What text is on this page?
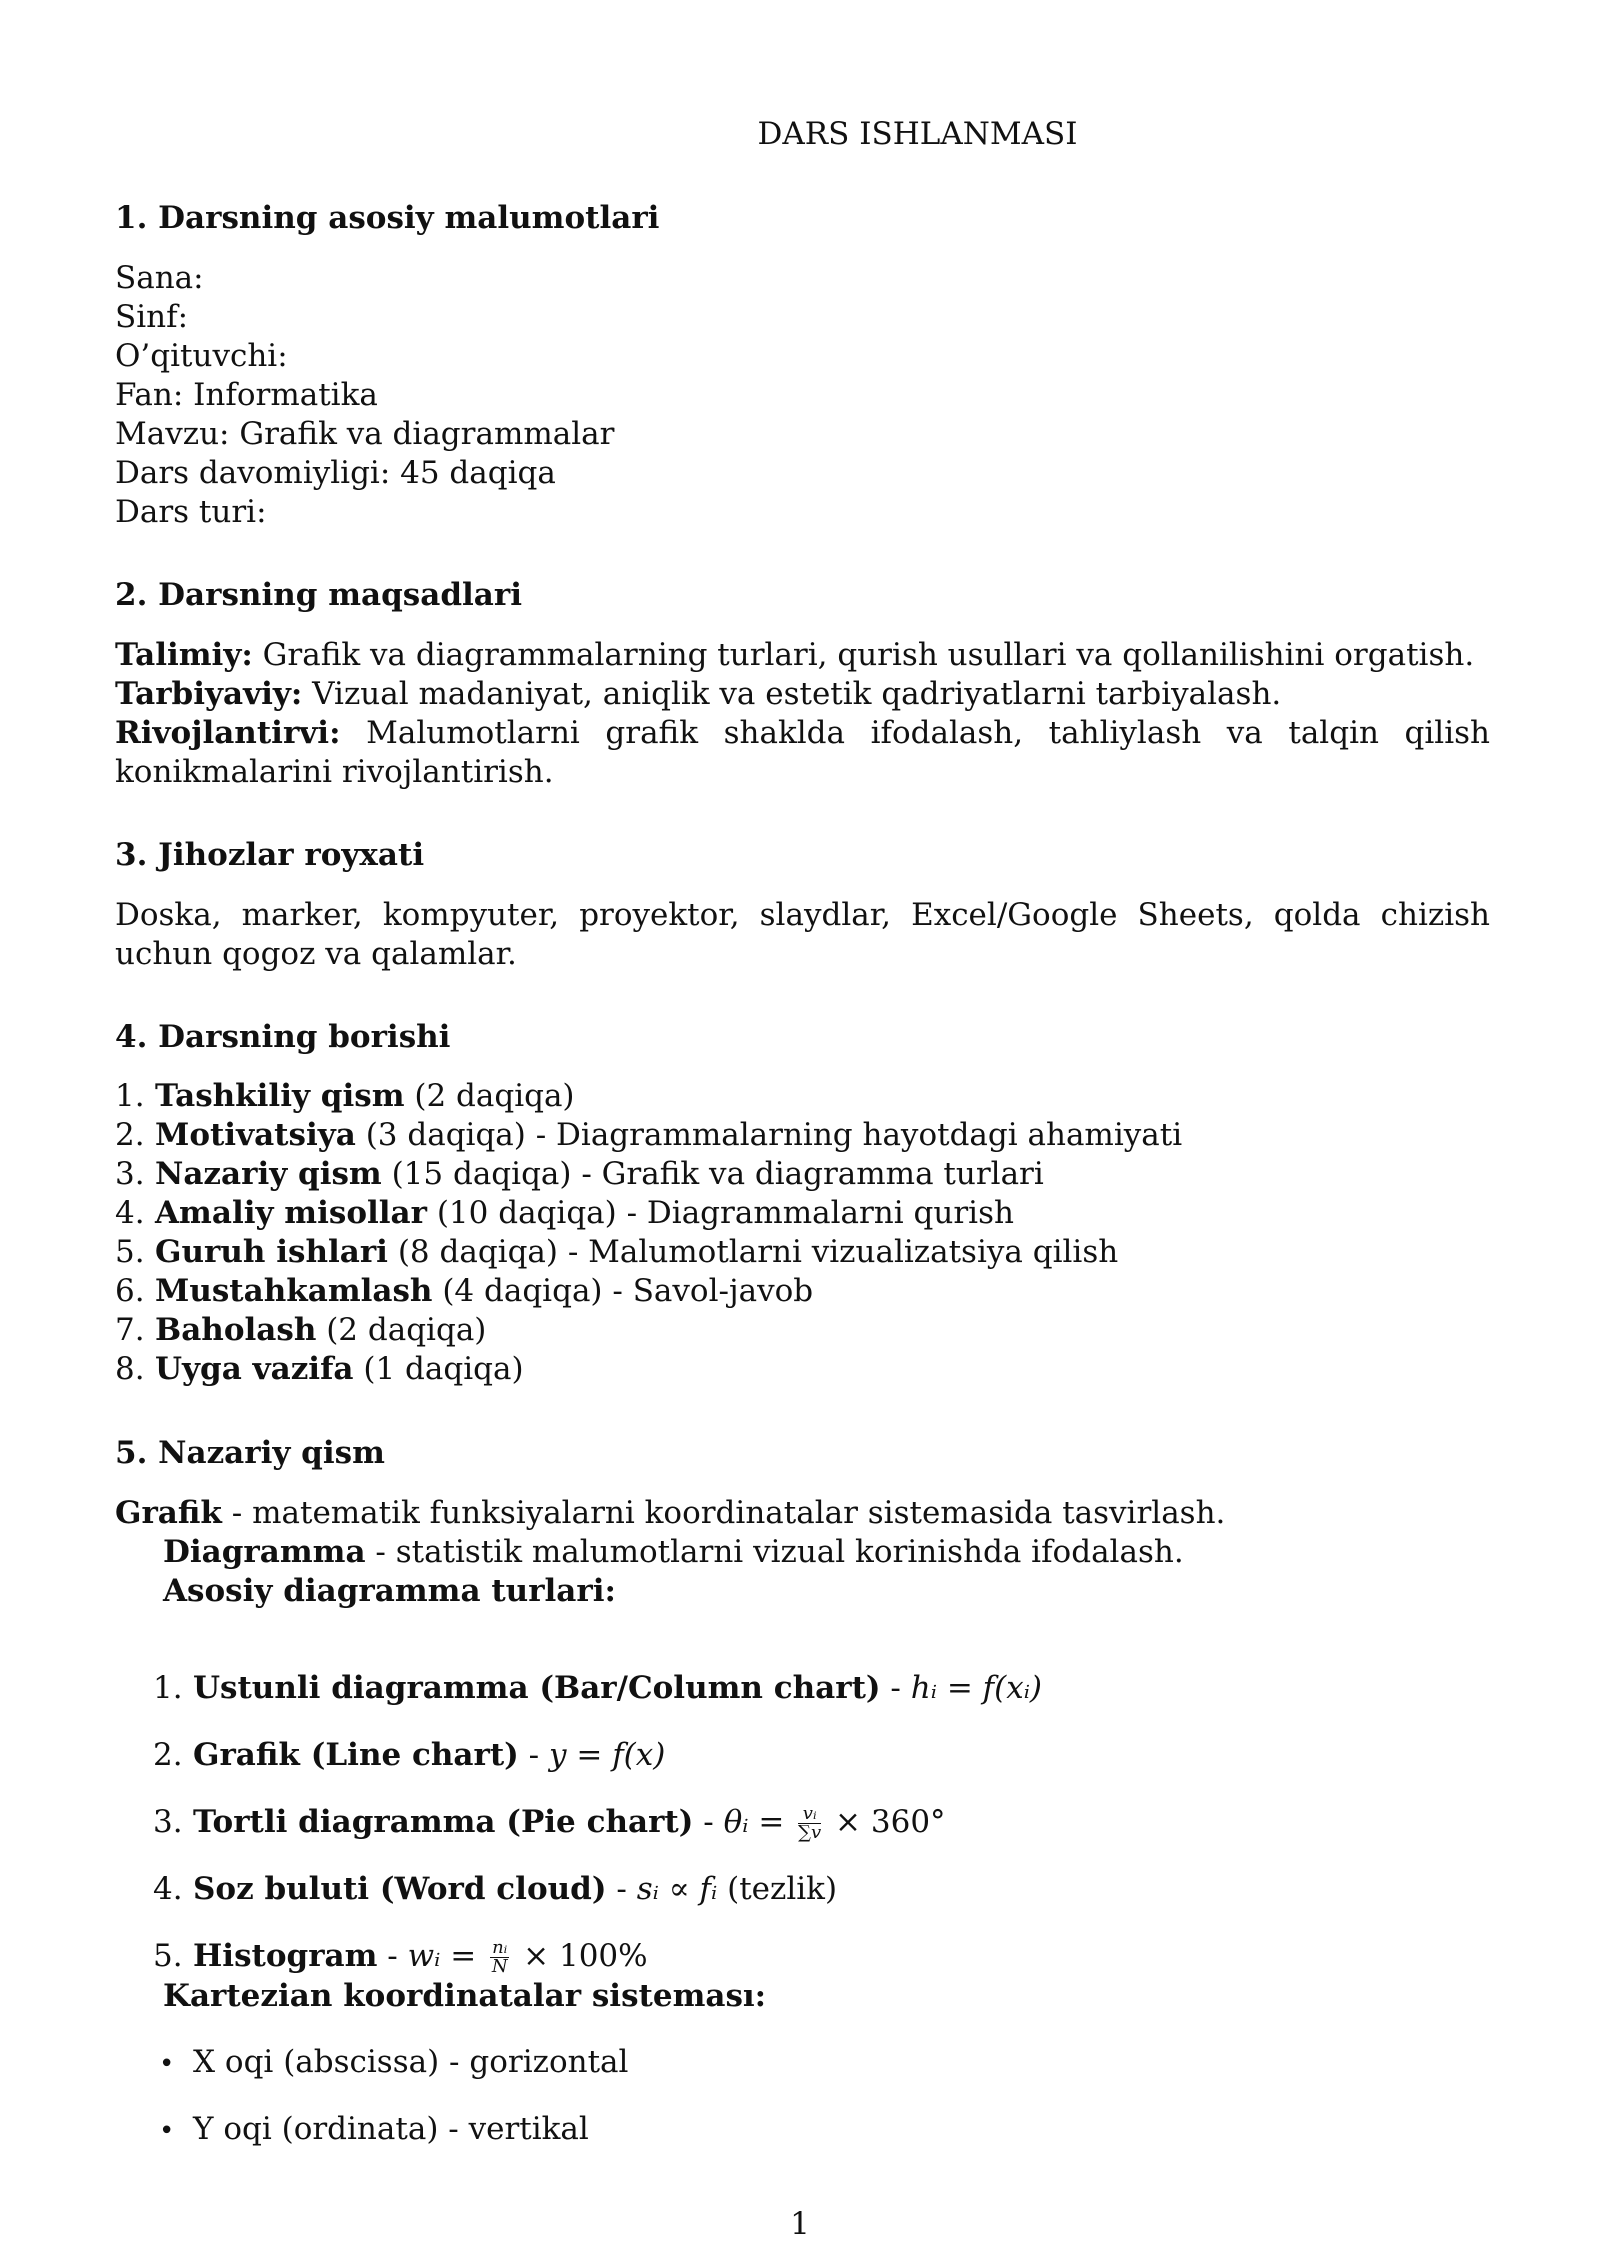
DARS ISHLANMASI
1. Darsning asosiy malumotlari
Sana:
Sinf:
O’qituvchi:
Fan: Informatika
Mavzu: Grafik va diagrammalar
Dars davomiyligi: 45 daqiqa
Dars turi:
2. Darsning maqsadlari
Talimiy: Grafik va diagrammalarning turlari, qurish usullari va qollanilishini orgatish.
Tarbiyaviy: Vizual madaniyat, aniqlik va estetik qadriyatlarni tarbiyalash.
Rivojlantirvi: Malumotlarni grafik shaklda ifodalash, tahliylash va talqin qilish konikmalarini rivojlantirish.
3. Jihozlar royxati
Doska, marker, kompyuter, proyektor, slaydlar, Excel/Google Sheets, qolda chizish uchun qogoz va qalamlar.
4. Darsning borishi
1. Tashkiliy qism (2 daqiqa)
2. Motivatsiya (3 daqiqa) - Diagrammalarning hayotdagi ahamiyati
3. Nazariy qism (15 daqiqa) - Grafik va diagramma turlari
4. Amaliy misollar (10 daqiqa) - Diagrammalarni qurish
5. Guruh ishlari (8 daqiqa) - Malumotlarni vizualizatsiya qilish
6. Mustahkamlash (4 daqiqa) - Savol-javob
7. Baholash (2 daqiqa)
8. Uyga vazifa (1 daqiqa)
5. Nazariy qism
Grafik - matematik funksiyalarni koordinatalar sistemasida tasvirlash.
Diagramma - statistik malumotlarni vizual korinishda ifodalash.
Asosiy diagramma turlari:
1. Ustunli diagramma (Bar/Column chart) - hᵢ = f(xᵢ)
2. Grafik (Line chart) - y = f(x)
3. Tortli diagramma (Pie chart) - θᵢ = $\frac{\text{vᵢ}}{\sum v} \times 360^\circ$
4. Soz buluti (Word cloud) - sᵢ ∝ fᵢ (tezlik)
5. Histogram - wᵢ = $\frac{\text{nᵢ}}{N} \times 100\%$
Kartezian koordinatalar sisteması:
• X oqi (abscissa) - gorizontal
• Y oqi (ordinata) - vertikal
1
